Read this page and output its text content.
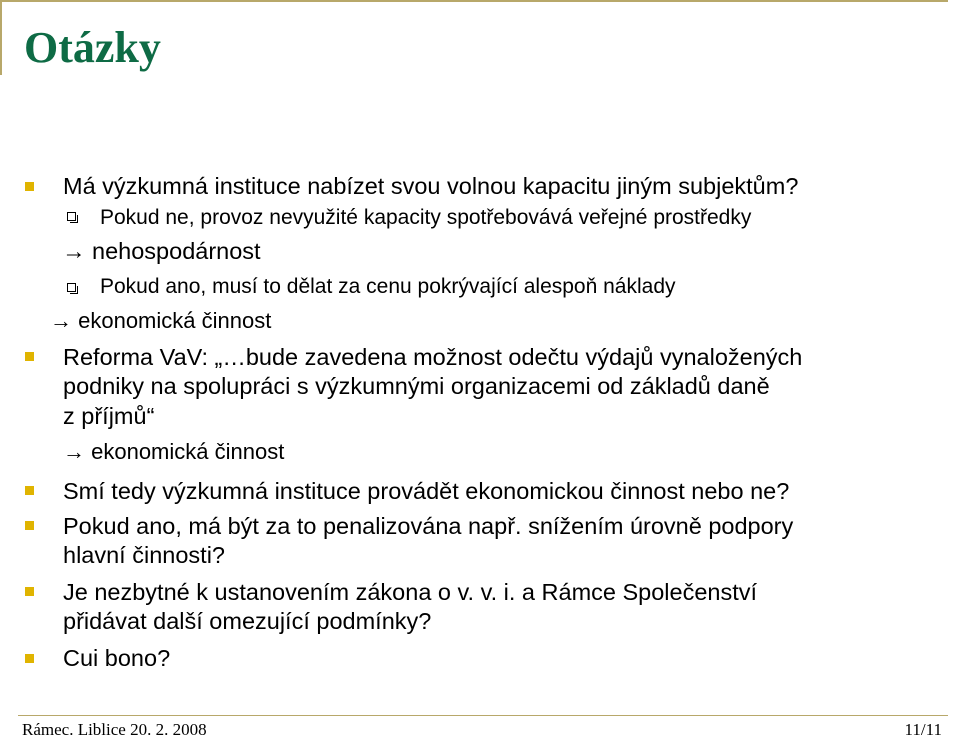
Otázky
Má výzkumná instituce nabízet svou volnou kapacitu jiným subjektům?
Pokud ne, provoz nevyužité kapacity spotřebovává veřejné prostředky
→ nehospodárnost
Pokud ano, musí to dělat za cenu pokrývající alespoň náklady
→ ekonomická činnost
Reforma VaV: „…bude zavedena možnost odečtu výdajů vynaložených
podniky na spolupráci s výzkumnými organizacemi od základů daně
z příjmů“
→ ekonomická činnost
Smí tedy výzkumná instituce provádět ekonomickou činnost nebo ne?
Pokud ano, má být za to penalizována např. snížením úrovně podpory
hlavní činnosti?
Je nezbytné k ustanovením zákona o v. v. i. a Rámce Společenství
přidávat další omezující podmínky?
Cui bono?
Rámec. Liblice 20. 2. 2008	11/11
